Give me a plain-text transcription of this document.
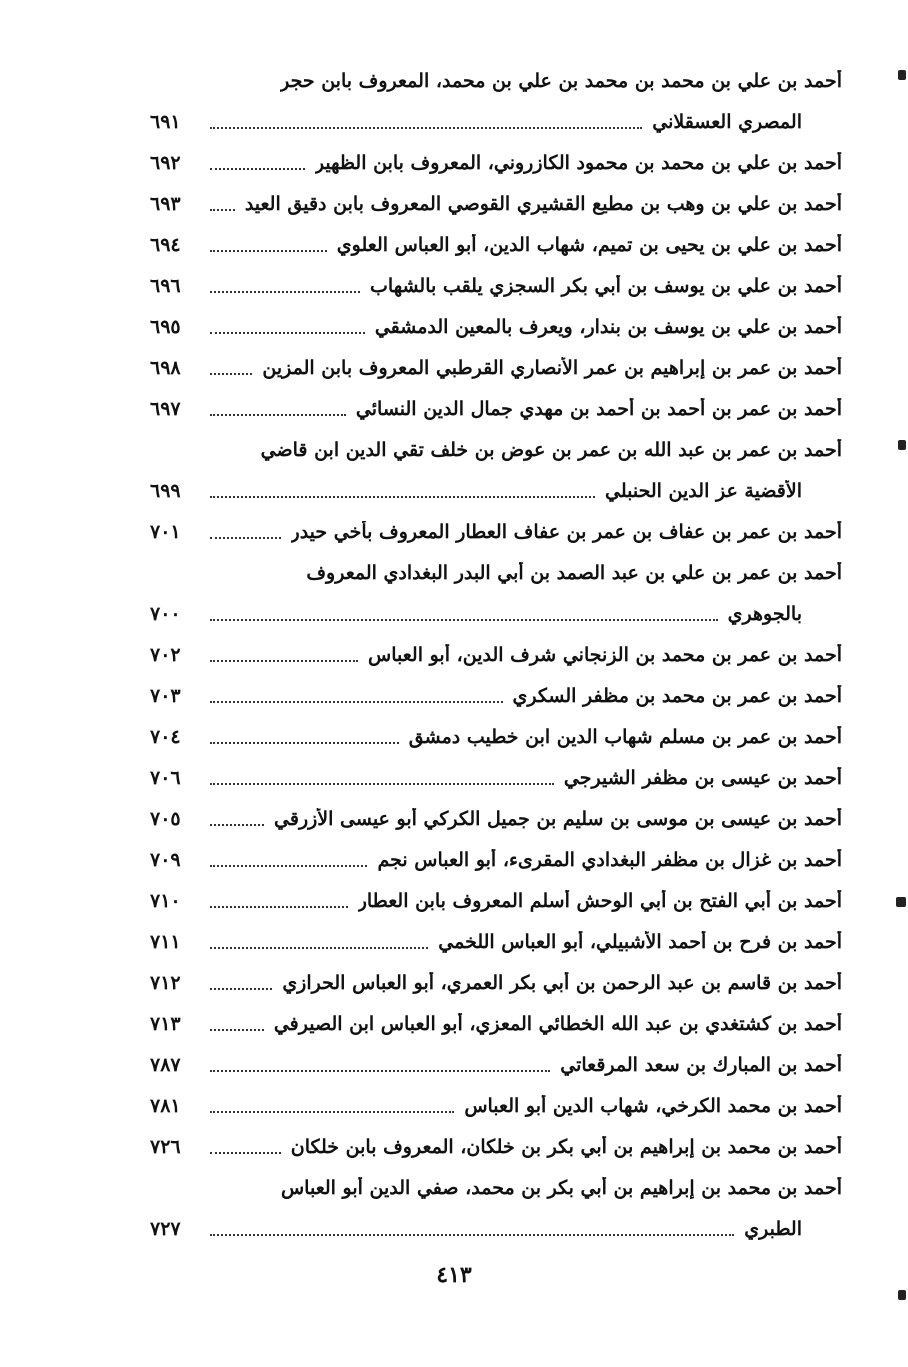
أحمد بن علي بن محمد بن محمد بن علي بن محمد، المعروف بابن حجر
المصري العسقلاني
٦٩١
أحمد بن علي بن محمد بن محمود الكازروني، المعروف بابن الظهير
٦٩٢
أحمد بن علي بن وهب بن مطيع القشيري القوصي المعروف بابن دقيق العيد
٦٩٣
أحمد بن علي بن يحيى بن تميم، شهاب الدين، أبو العباس العلوي
٦٩٤
أحمد بن علي بن يوسف بن أبي بكر السجزي يلقب بالشهاب
٦٩٦
أحمد بن علي بن يوسف بن بندار، ويعرف بالمعين الدمشقي
٦٩٥
أحمد بن عمر بن إبراهيم بن عمر الأنصاري القرطبي المعروف بابن المزين
٦٩٨
أحمد بن عمر بن أحمد بن أحمد بن مهدي جمال الدين النسائي
٦٩٧
أحمد بن عمر بن عبد الله بن عمر بن عوض بن خلف تقي الدين ابن قاضي
الأقضية عز الدين الحنبلي
٦٩٩
أحمد بن عمر بن عفاف بن عمر بن عفاف العطار المعروف بأخي حيدر
٧٠١
أحمد بن عمر بن علي بن عبد الصمد بن أبي البدر البغدادي المعروف
بالجوهري
٧٠٠
أحمد بن عمر بن محمد بن الزنجاني شرف الدين، أبو العباس
٧٠٢
أحمد بن عمر بن محمد بن مظفر السكري
٧٠٣
أحمد بن عمر بن مسلم شهاب الدين ابن خطيب دمشق
٧٠٤
أحمد بن عيسى بن مظفر الشيرجي
٧٠٦
أحمد بن عيسى بن موسى بن سليم بن جميل الكركي أبو عيسى الأزرقي
٧٠٥
أحمد بن غزال بن مظفر البغدادي المقرىء، أبو العباس نجم
٧٠٩
أحمد بن أبي الفتح بن أبي الوحش أسلم المعروف بابن العطار
٧١٠
أحمد بن فرح بن أحمد الأشبيلي، أبو العباس اللخمي
٧١١
أحمد بن قاسم بن عبد الرحمن بن أبي بكر العمري، أبو العباس الحرازي
٧١٢
أحمد بن كشتغدي بن عبد الله الخطائي المعزي، أبو العباس ابن الصيرفي
٧١٣
أحمد بن المبارك بن سعد المرقعاتي
٧٨٧
أحمد بن محمد الكرخي، شهاب الدين أبو العباس
٧٨١
أحمد بن محمد بن إبراهيم بن أبي بكر بن خلكان، المعروف بابن خلكان
٧٢٦
أحمد بن محمد بن إبراهيم بن أبي بكر بن محمد، صفي الدين أبو العباس
الطبري
٧٢٧
٤١٣
